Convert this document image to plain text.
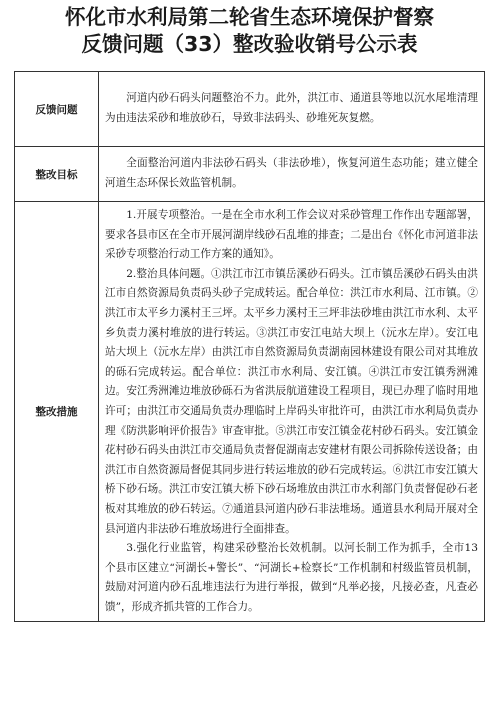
怀化市水利局第二轮省生态环境保护督察
反馈问题（33）整改验收销号公示表
反馈问题	河道内砂石码头问题整治不力。此外，洪江市、通道县等地以沉水尾堆清理为由违法采砂和堆放砂石，导致非法码头、砂堆死灰复燃。

整改目标	全面整治河道内非法砂石码头（非法砂堆），恢复河道生态功能；建立健全河道生态环保长效监管机制。

整改措施	1.开展专项整治。一是在全市水利工作会议对采砂管理工作作出专题部署，要求各县市区在全市开展河湖岸线砂石乱堆的排查；二是出台《怀化市河道非法采砂专项整治行动工作方案的通知》。

2.整治具体问题。①洪江市江市镇岳溪砂石码头。江市镇岳溪砂石码头由洪江市自然资源局负责码头砂子完成转运。配合单位：洪江市水利局、江市镇。②洪江市太平乡力溪村王三坪。太平乡力溪村王三坪非法砂堆由洪江市水利、太平乡负责力溪村堆放的进行转运。③洪江市安江电站大坝上（沅水左岸）。安江电站大坝上（沅水左岸）由洪江市自然资源局负责湖南园林建设有限公司对其堆放的砾石完成转运。配合单位：洪江市水利局、安江镇。④洪江市安江镇秀洲滩边。安江秀洲滩边堆放砂砾石为省洪辰航道建设工程项目，现已办理了临时用地许可；由洪江市交通局负责办理临时上岸码头审批许可，由洪江市水利局负责办理《防洪影响评价报告》审查审批。⑤洪江市安江镇金花村砂石码头。安江镇金花村砂石码头由洪江市交通局负责督促湖南志安建材有限公司拆除传送设备；由洪江市自然资源局督促其同步进行转运堆放的砂石完成转运。⑥洪江市安江镇大桥下砂石场。洪江市安江镇大桥下砂石场堆放由洪江市水利部门负责督促砂石老板对其堆放的砂石转运。⑦通道县河道内砂石非法堆场。通道县水利局开展对全县河道内非法砂石堆放场进行全面排查。

3.强化行业监管，构建采砂整治长效机制。以河长制工作为抓手，全市13个县市区建立“河湖长+警长”、“河湖长+检察长”工作机制和村级监管员机制，鼓励对河道内砂石乱堆违法行为进行举报，做到“凡举必接，凡接必查，凡查必馈”，形成齐抓共管的工作合力。
